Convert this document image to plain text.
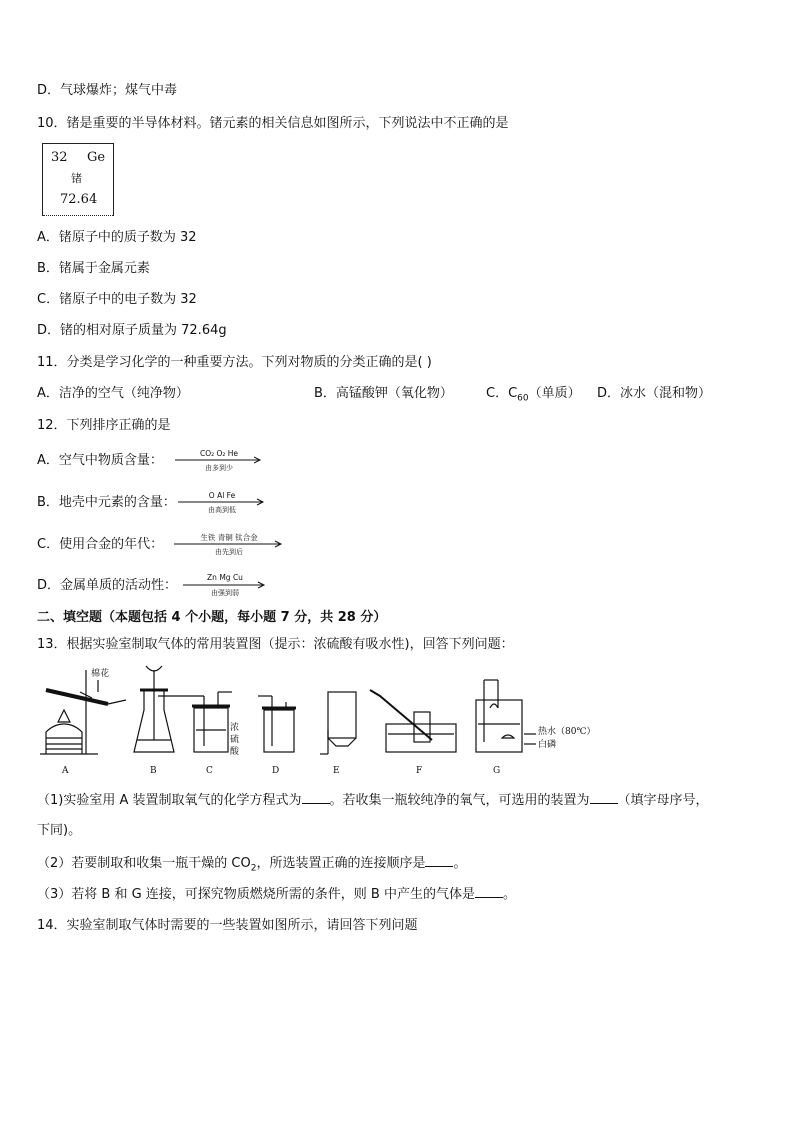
D．气球爆炸；煤气中毒
10．锗是重要的半导体材料。锗元素的相关信息如图所示，下列说法中不正确的是
32 Ge
锗
72.64
A．锗原子中的质子数为 32
B．锗属于金属元素
C．锗原子中的电子数为 32
D．锗的相对原子质量为 72.64g
11．分类是学习化学的一种重要方法。下列对物质的分类正确的是( )
A．洁净的空气（纯净物）	B．高锰酸钾（氧化物）	C．$C_{60}$（单质） D．冰水（混和物）
12．下列排序正确的是
A．空气中物质含量：	CO₂ O₂ He
由多到少
B．地壳中元素的含量：	O Al Fe
由高到低
C．使用合金的年代：	生铁 青铜 钛合金
由先到后
D．金属单质的活动性：
Zn Mg Cu
由强到弱
二、填空题（本题包括 4 个小题，每小题 7 分，共 28 分）
13．根据实验室制取气体的常用装置图（提示：浓硫酸有吸水性)，回答下列问题：
棉花
浓
硫
酸
热水（80℃）
白磷
A	B	C	D	E	F	G
（1)实验室用 A 装置制取氧气的化学方程式为 。若收集一瓶较纯净的氧气，可选用的装置为 （填字母序号，
下同)。
（2）若要制取和收集一瓶干燥的 $CO_2$，所选装置正确的连接顺序是 。
（3）若将 B 和 G 连接，可探究物质燃烧所需的条件，则 B 中产生的气体是 。
14．实验室制取气体时需要的一些装置如图所示，请回答下列问题
